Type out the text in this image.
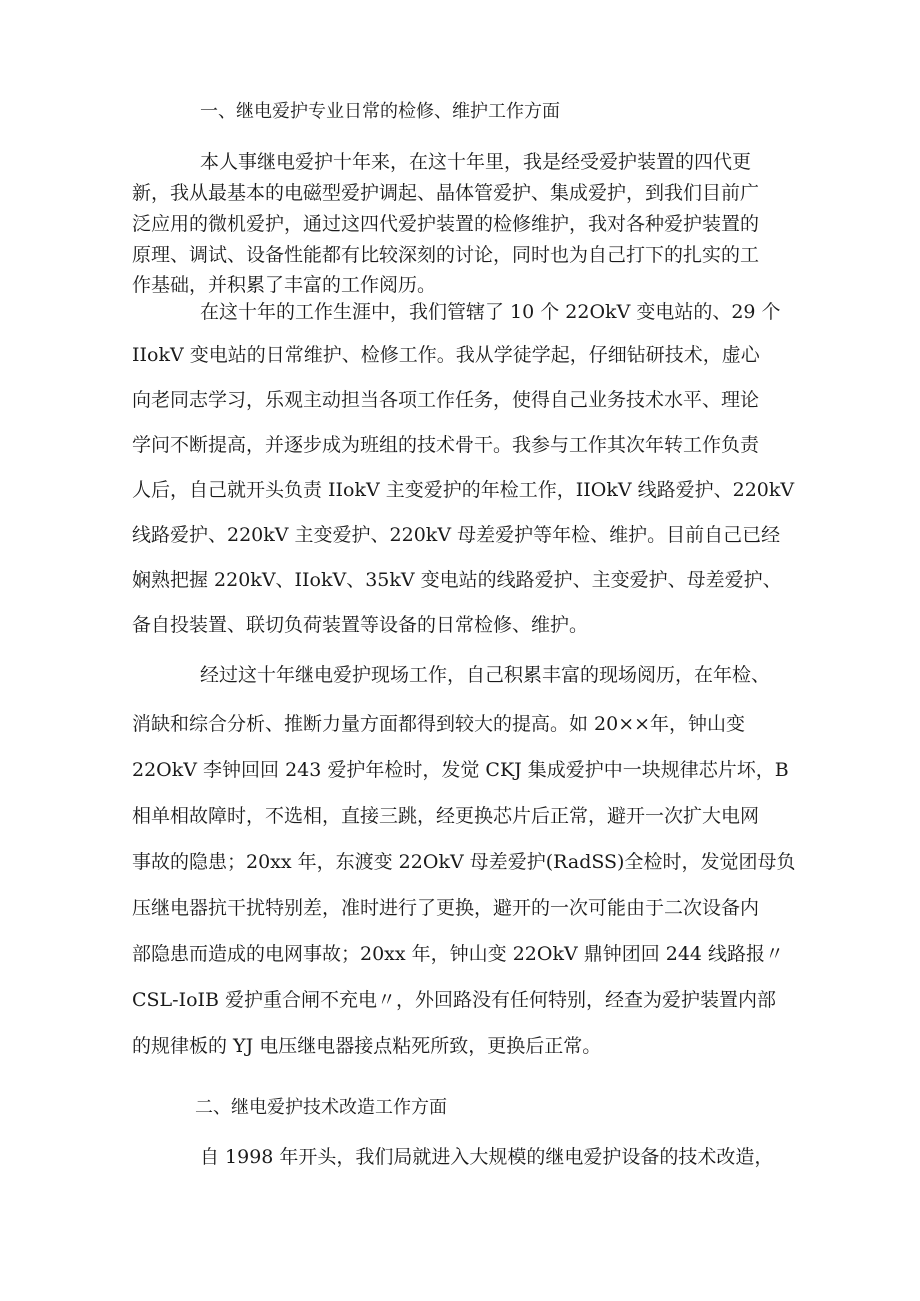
一、继电爱护专业日常的检修、维护工作方面

本人事继电爱护十年来，在这十年里，我是经受爱护装置的四代更

新，我从最基本的电磁型爱护调起、晶体管爱护、集成爱护，到我们目前广

泛应用的微机爱护，通过这四代爱护装置的检修维护，我对各种爱护装置的

原理、调试、设备性能都有比较深刻的讨论，同时也为自己打下的扎实的工

作基础，并积累了丰富的工作阅历。

在这十年的工作生涯中，我们管辖了 10 个 22OkV 变电站的、29 个

IIokV 变电站的日常维护、检修工作。我从学徒学起，仔细钻研技术，虚心

向老同志学习，乐观主动担当各项工作任务，使得自己业务技术水平、理论

学问不断提高，并逐步成为班组的技术骨干。我参与工作其次年转工作负责

人后，自己就开头负责 IIokV 主变爱护的年检工作，IIOkV 线路爱护、220kV

线路爱护、220kV 主变爱护、220kV 母差爱护等年检、维护。目前自己已经

娴熟把握 220kV、IIokV、35kV 变电站的线路爱护、主变爱护、母差爱护、

备自投装置、联切负荷装置等设备的日常检修、维护。

经过这十年继电爱护现场工作，自己积累丰富的现场阅历，在年检、

消缺和综合分析、推断力量方面都得到较大的提高。如 20××年，钟山变

22OkV 李钟回回 243 爱护年检时，发觉 CKJ 集成爱护中一块规律芯片坏，B

相单相故障时，不选相，直接三跳，经更换芯片后正常，避开一次扩大电网

事故的隐患；20xx 年，东渡变 22OkV 母差爱护(RadSS)全检时，发觉团母负

压继电器抗干扰特别差，准时进行了更换，避开的一次可能由于二次设备内

部隐患而造成的电网事故；20xx 年，钟山变 22OkV 鼎钟团回 244 线路报〃

CSL-IoIB 爱护重合闸不充电〃，外回路没有任何特别，经查为爱护装置内部

的规律板的 YJ 电压继电器接点粘死所致，更换后正常。

二、继电爱护技术改造工作方面

自 1998 年开头，我们局就进入大规模的继电爱护设备的技术改造，
